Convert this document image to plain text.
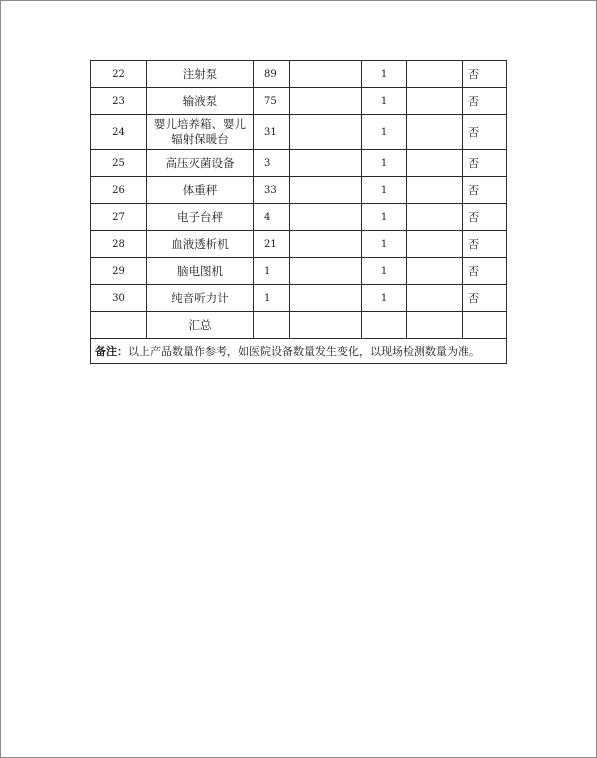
22	注射泵	89		1		否
23	输液泵	75		1		否
24	婴儿培养箱、婴儿
辐射保暖台	31		1		否
25	高压灭菌设备	3		1		否
26	体重秤	33		1		否
27	电子台秤	4		1		否
28	血液透析机	21		1		否
29	脑电图机	1		1		否
30	纯音听力计	1		1		否
	汇总					
备注：以上产品数量作参考，如医院设备数量发生变化，以现场检测数量为准。						
